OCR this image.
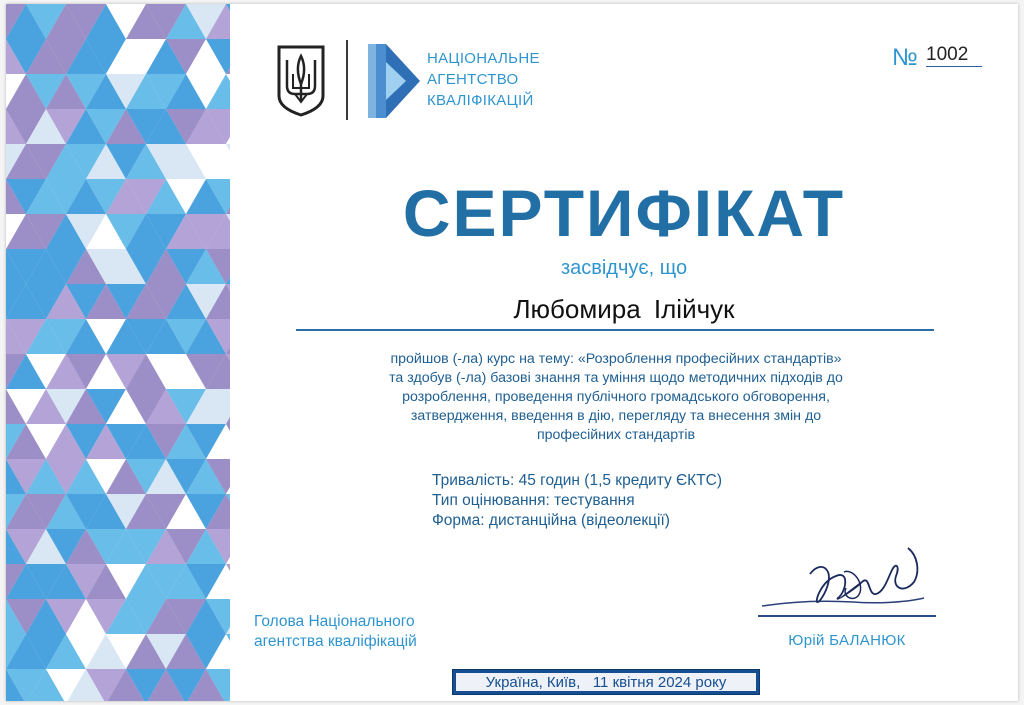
НАЦІОНАЛЬНЕ
АГЕНТСТВО
КВАЛІФІКАЦІЙ
№ 1002
СЕРТИФІКАТ
засвідчує, що
Любомира Ілійчук
пройшов (-ла) курс на тему: «Розроблення професійних стандартів»
та здобув (-ла) базові знання та уміння щодо методичних підходів до
розроблення, проведення публічного громадського обговорення,
затвердження, введення в дію, перегляду та внесення змін до
професійних стандартів
Тривалість: 45 годин (1,5 кредиту ЄКТС)
Тип оцінювання: тестування
Форма: дистанційна (відеолекції)
Юрій БАЛАНЮК
Голова Національного
агентства кваліфікацій
Україна, Київ,   11 квітня 2024 року
